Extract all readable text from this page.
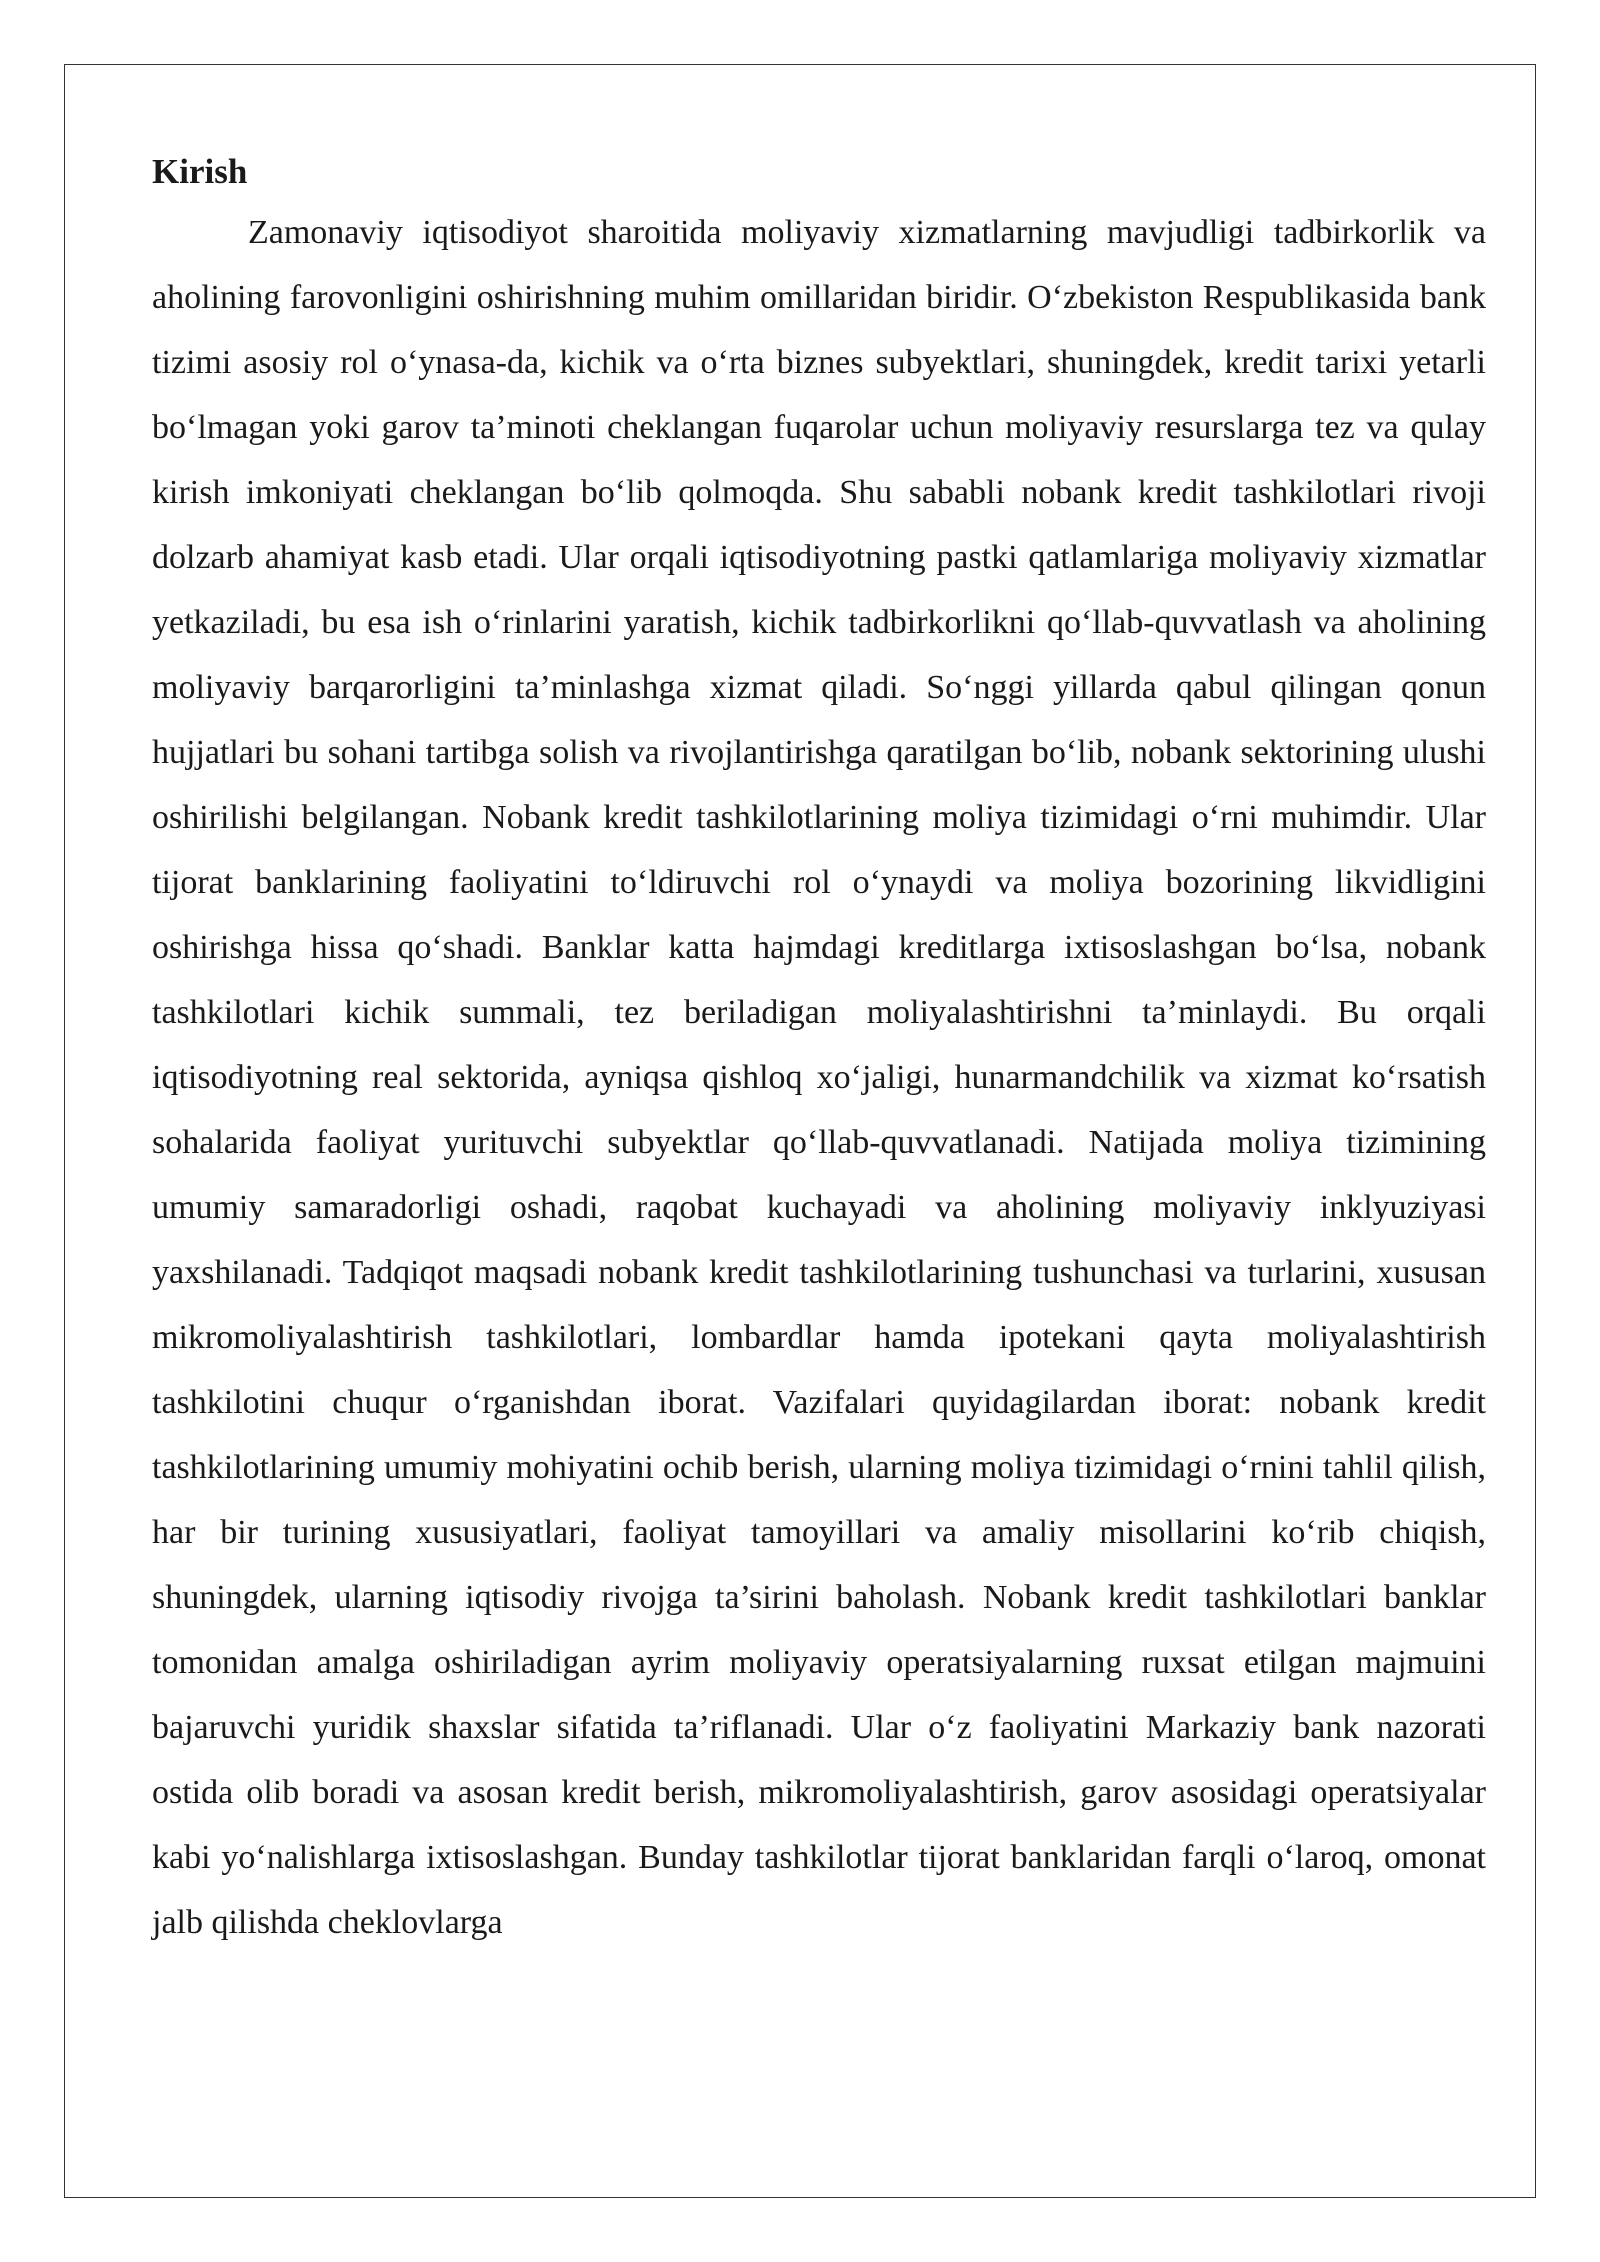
Kirish

Zamonaviy iqtisodiyot sharoitida moliyaviy xizmatlarning mavjudligi tadbirkorlik va aholining farovonligini oshirishning muhim omillaridan biridir. O‘zbekiston Respublikasida bank tizimi asosiy rol o‘ynasa-da, kichik va o‘rta biznes subyektlari, shuningdek, kredit tarixi yetarli bo‘lmagan yoki garov ta’minoti cheklangan fuqarolar uchun moliyaviy resurslarga tez va qulay kirish imkoniyati cheklangan bo‘lib qolmoqda. Shu sababli nobank kredit tashkilotlari rivoji dolzarb ahamiyat kasb etadi. Ular orqali iqtisodiyotning pastki qatlamlariga moliyaviy xizmatlar yetkaziladi, bu esa ish o‘rinlarini yaratish, kichik tadbirkorlikni qo‘llab-quvvatlash va aholining moliyaviy barqarorligini ta’minlashga xizmat qiladi. So‘nggi yillarda qabul qilingan qonun hujjatlari bu sohani tartibga solish va rivojlantirishga qaratilgan bo‘lib, nobank sektorining ulushi oshirilishi belgilangan. Nobank kredit tashkilotlarining moliya tizimidagi o‘rni muhimdir. Ular tijorat banklarining faoliyatini to‘ldiruvchi rol o‘ynaydi va moliya bozorining likvidligini oshirishga hissa qo‘shadi. Banklar katta hajmdagi kreditlarga ixtisoslashgan bo‘lsa, nobank tashkilotlari kichik summali, tez beriladigan moliyalashtirishni ta’minlaydi. Bu orqali iqtisodiyotning real sektorida, ayniqsa qishloq xo‘jaligi, hunarmandchilik va xizmat ko‘rsatish sohalarida faoliyat yurituvchi subyektlar qo‘llab-quvvatlanadi. Natijada moliya tizimining umumiy samaradorligi oshadi, raqobat kuchayadi va aholining moliyaviy inklyuziyasi yaxshilanadi. Tadqiqot maqsadi nobank kredit tashkilotlarining tushunchasi va turlarini, xususan mikromoliyalashtirish tashkilotlari, lombardlar hamda ipotekani qayta moliyalashtirish tashkilotini chuqur o‘rganishdan iborat. Vazifalari quyidagilardan iborat: nobank kredit tashkilotlarining umumiy mohiyatini ochib berish, ularning moliya tizimidagi o‘rnini tahlil qilish, har bir turining xususiyatlari, faoliyat tamoyillari va amaliy misollarini ko‘rib chiqish, shuningdek, ularning iqtisodiy rivojga ta’sirini baholash. Nobank kredit tashkilotlari banklar tomonidan amalga oshiriladigan ayrim moliyaviy operatsiyalarning ruxsat etilgan majmuini bajaruvchi yuridik shaxslar sifatida ta’riflanadi. Ular o‘z faoliyatini Markaziy bank nazorati ostida olib boradi va asosan kredit berish, mikromoliyalashtirish, garov asosidagi operatsiyalar kabi yo‘nalishlarga ixtisoslashgan. Bunday tashkilotlar tijorat banklaridan farqli o‘laroq, omonat jalb qilishda cheklovlarga
